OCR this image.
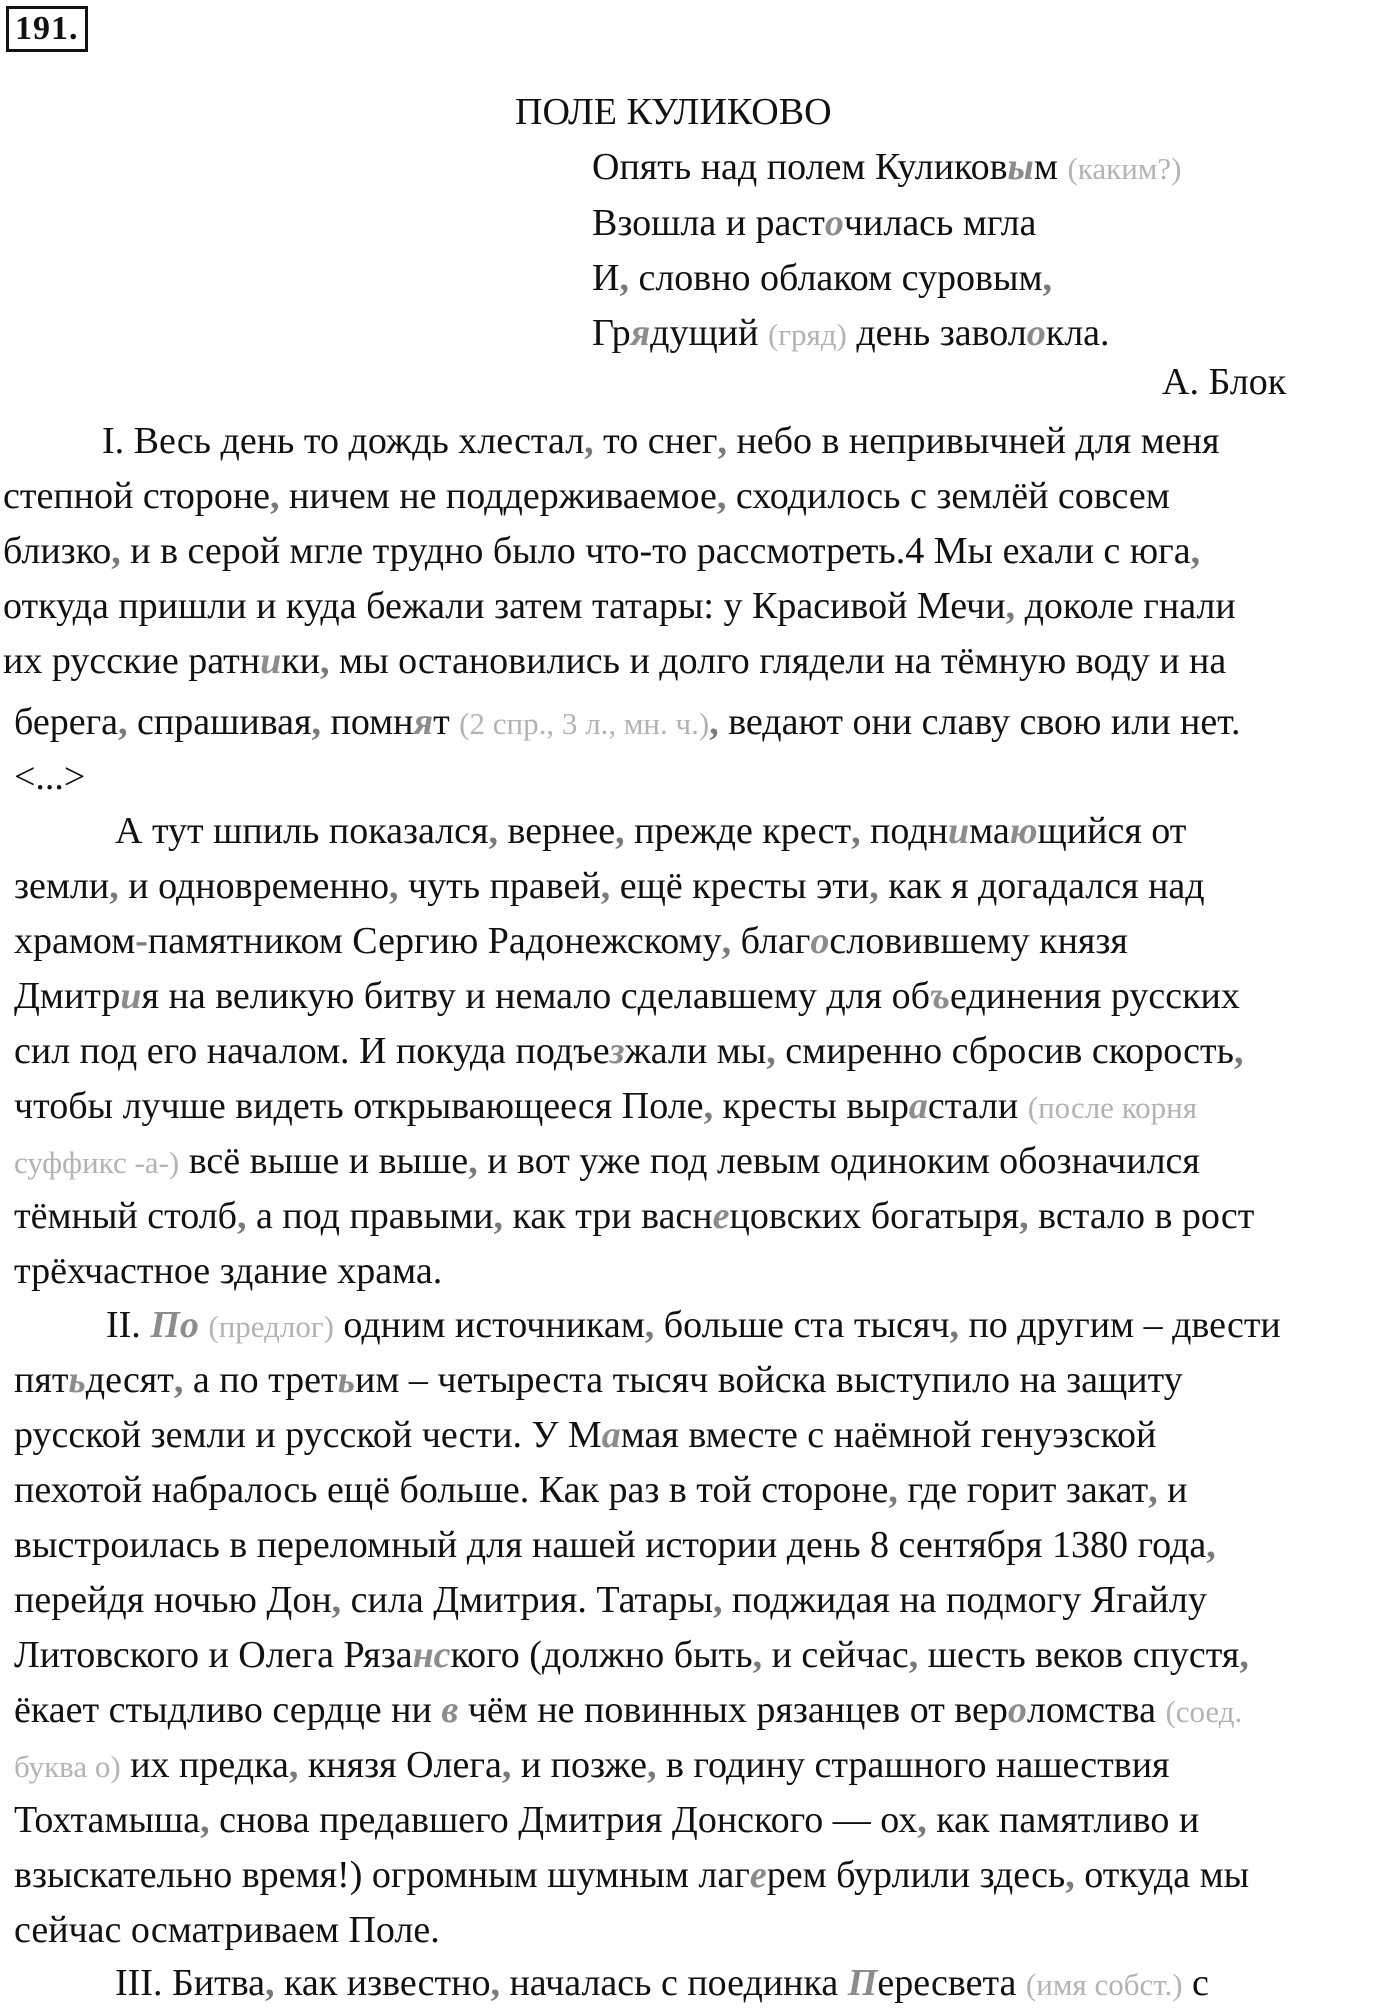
191.
ПОЛЕ КУЛИКОВО
Опять над полем Куликовым (каким?)
Взошла и расточилась мгла
И, словно облаком суровым,
Грядущий (гряд) день заволокла.
А. Блок
I. Весь день то дождь хлестал, то снег, небо в непривычней для меня
степной стороне, ничем не поддерживаемое, сходилось с землёй совсем
близко, и в серой мгле трудно было что-то рассмотреть.4 Мы ехали с юга,
откуда пришли и куда бежали затем татары: у Красивой Мечи, доколе гнали
их русские ратники, мы остановились и долго глядели на тёмную воду и на
берега, спрашивая, помнят (2 спр., 3 л., мн. ч.), ведают они славу свою или нет.
<...>
А тут шпиль показался, вернее, прежде крест, поднимающийся от
земли, и одновременно, чуть правей, ещё кресты эти, как я догадался над
храмом-памятником Сергию Радонежскому, благословившему князя
Дмитрия на великую битву и немало сделавшему для объединения русских
сил под его началом. И покуда подъезжали мы, смиренно сбросив скорость,
чтобы лучше видеть открывающееся Поле, кресты вырастали (после корня
суффикс -а-) всё выше и выше, и вот уже под левым одиноким обозначился
тёмный столб, а под правыми, как три васнецовских богатыря, встало в рост
трёхчастное здание храма.
II. По (предлог) одним источникам, больше ста тысяч, по другим – двести
пятьдесят, а по третьим – четыреста тысяч войска выступило на защиту
русской земли и русской чести. У Мамая вместе с наёмной генуэзской
пехотой набралось ещё больше. Как раз в той стороне, где горит закат, и
выстроилась в переломный для нашей истории день 8 сентября 1380 года,
перейдя ночью Дон, сила Дмитрия. Татары, поджидая на подмогу Ягайлу
Литовского и Олега Рязанского (должно быть, и сейчас, шесть веков спустя,
ёкает стыдливо сердце ни в чём не повинных рязанцев от вероломства (соед.
буква о) их предка, князя Олега, и позже, в годину страшного нашествия
Тохтамыша, снова предавшего Дмитрия Донского — ох, как памятливо и
взыскательно время!) огромным шумным лагерем бурлили здесь, откуда мы
сейчас осматриваем Поле.
III. Битва, как известно, началась с поединка Пересвета (имя собст.) с
